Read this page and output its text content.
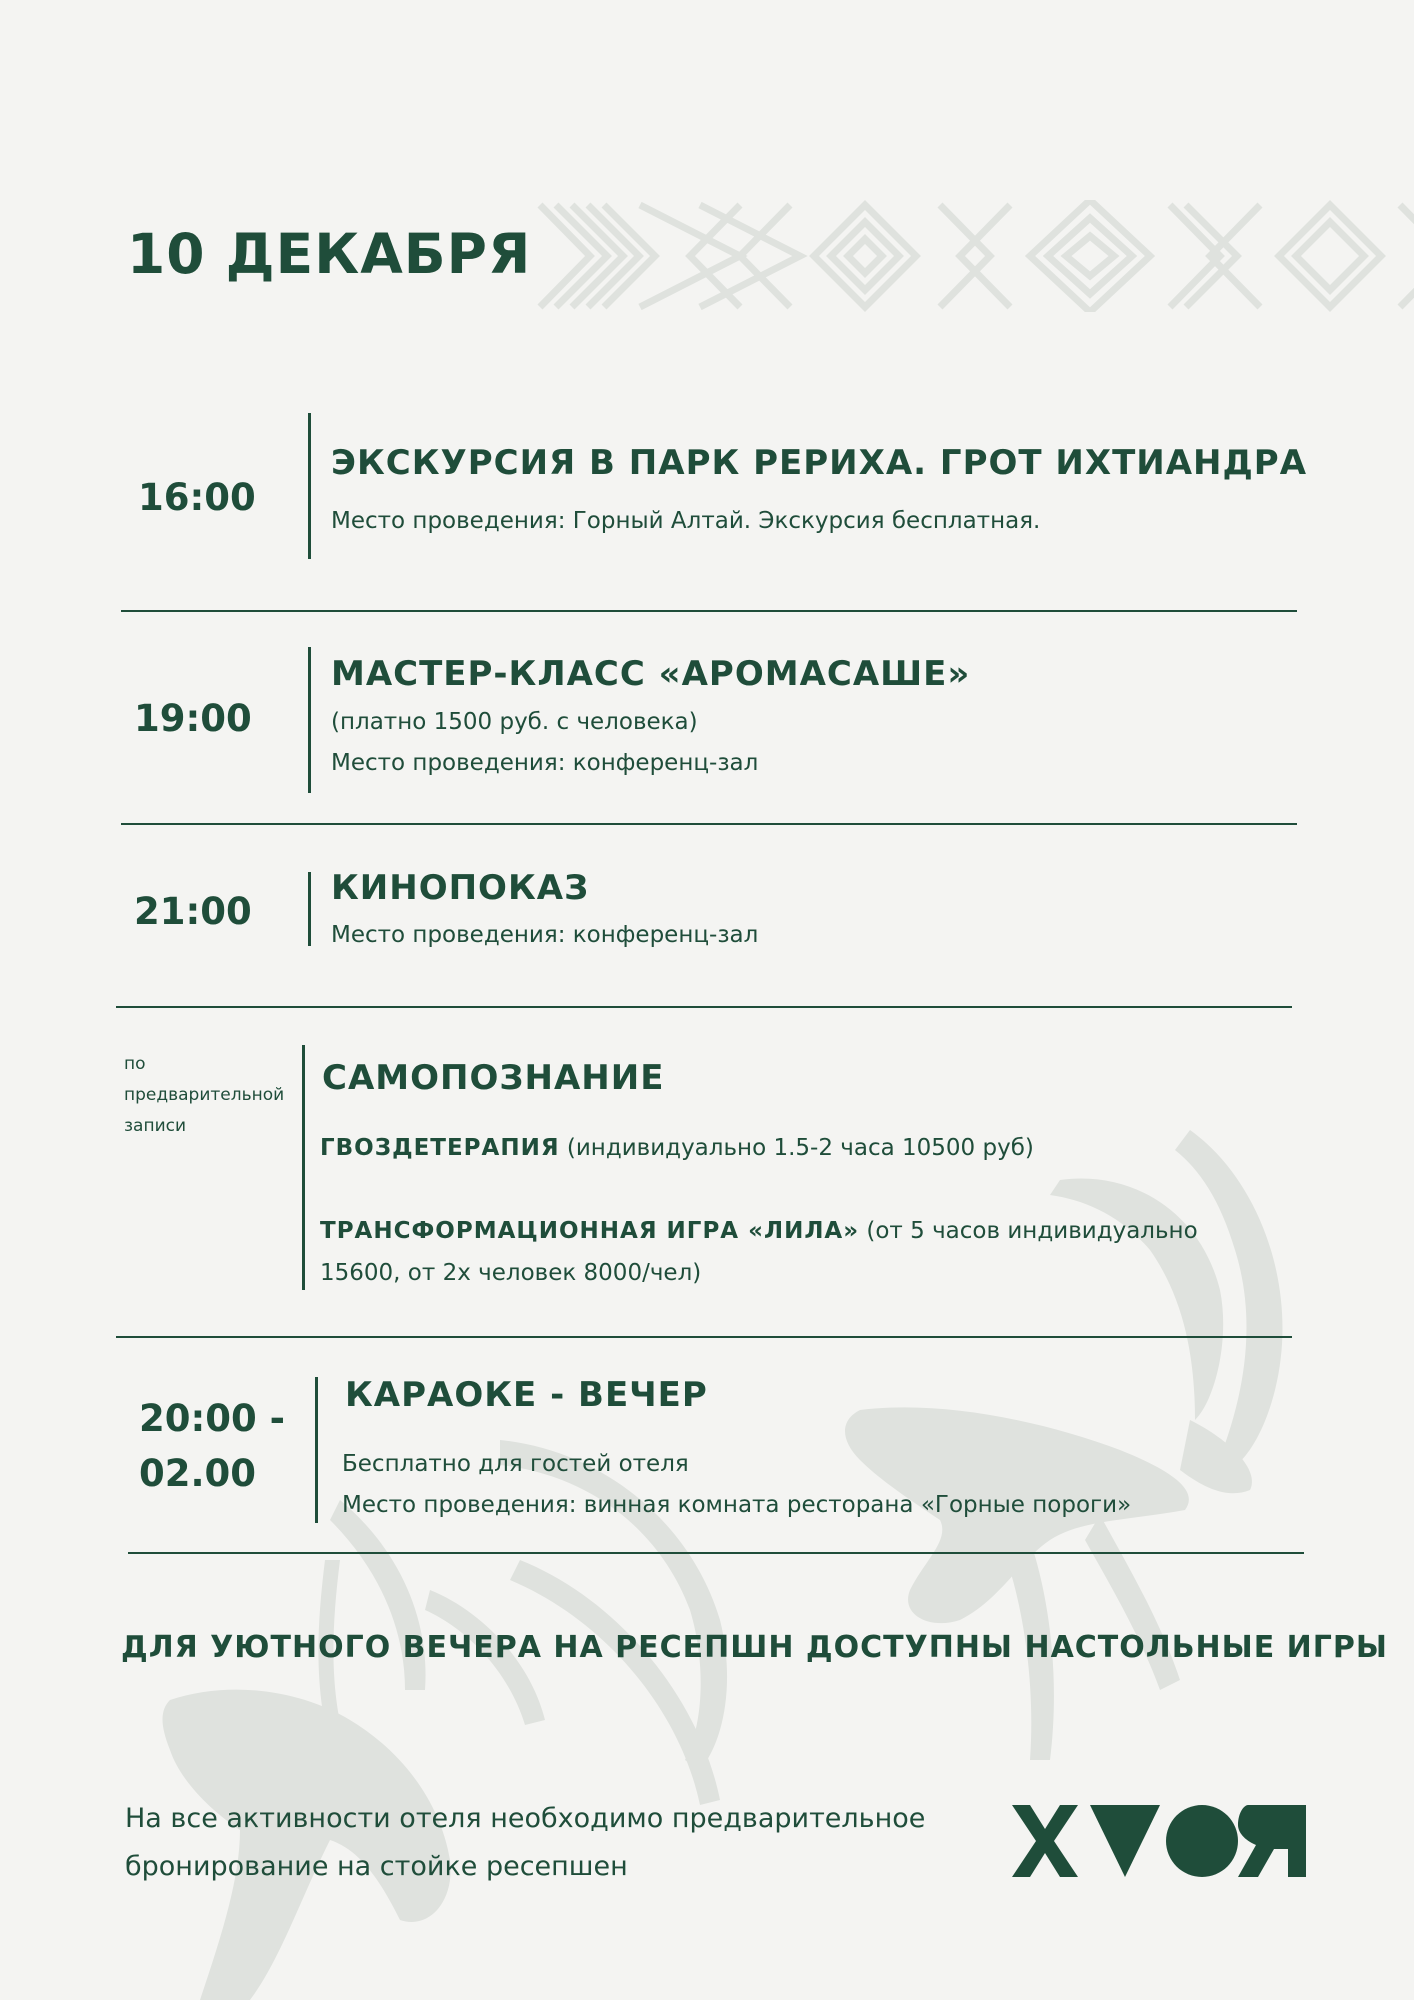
10 ДЕКАБРЯ
16:00
ЭКСКУРСИЯ В ПАРК РЕРИХА. ГРОТ ИХТИАНДРА
Место проведения: Горный Алтай. Экскурсия бесплатная.
19:00
МАСТЕР-КЛАСС «АРОМАСАШЕ»
(платно 1500 руб. с человека)
Место проведения: конференц-зал
21:00
КИНОПОКАЗ
Место проведения: конференц-зал
по
предварительной
записи
САМОПОЗНАНИЕ
ГВОЗДЕТЕРАПИЯ (индивидуально 1.5-2 часа 10500 руб)
ТРАНСФОРМАЦИОННАЯ ИГРА «ЛИЛА» (от 5 часов индивидуально
15600, от 2х человек 8000/чел)
20:00 -
02.00
КАРАОКЕ - ВЕЧЕР
Бесплатно для гостей отеля
Место проведения: винная комната ресторана «Горные пороги»
ДЛЯ УЮТНОГО ВЕЧЕРА НА РЕСЕПШН ДОСТУПНЫ НАСТОЛЬНЫЕ ИГРЫ
На все активности отеля необходимо предварительное
бронирование на стойке ресепшен
